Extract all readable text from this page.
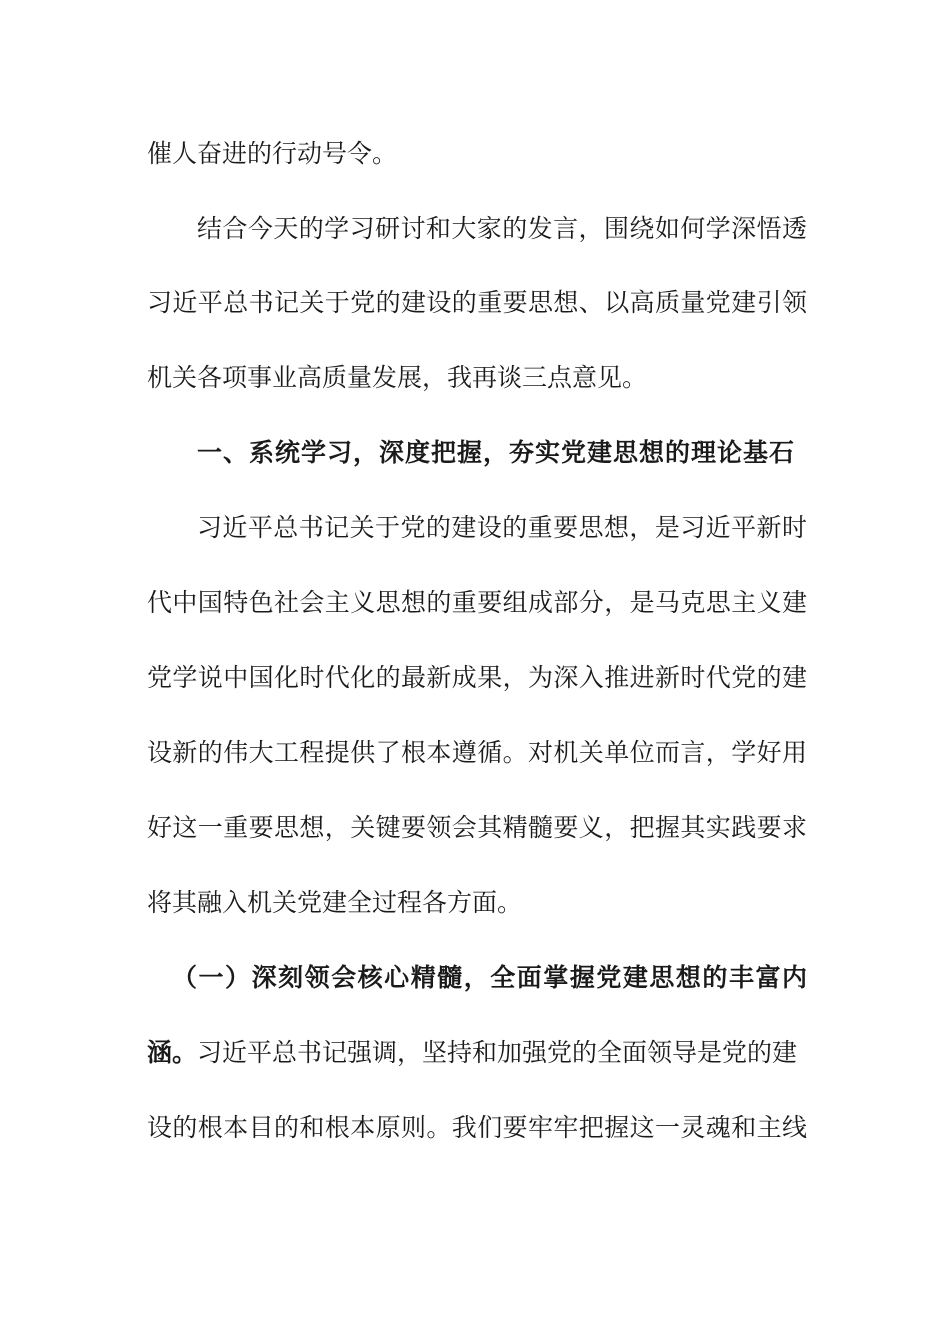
催人奋进的行动号令。
结合今天的学习研讨和大家的发言，围绕如何学深悟透
习近平总书记关于党的建设的重要思想、以高质量党建引领
机关各项事业高质量发展，我再谈三点意见。
一、系统学习，深度把握，夯实党建思想的理论基石
习近平总书记关于党的建设的重要思想，是习近平新时
代中国特色社会主义思想的重要组成部分，是马克思主义建
党学说中国化时代化的最新成果，为深入推进新时代党的建
设新的伟大工程提供了根本遵循。对机关单位而言，学好用
好这一重要思想，关键要领会其精髓要义，把握其实践要求
将其融入机关党建全过程各方面。
（一）深刻领会核心精髓，全面掌握党建思想的丰富内
涵。习近平总书记强调，坚持和加强党的全面领导是党的建
设的根本目的和根本原则。我们要牢牢把握这一灵魂和主线
